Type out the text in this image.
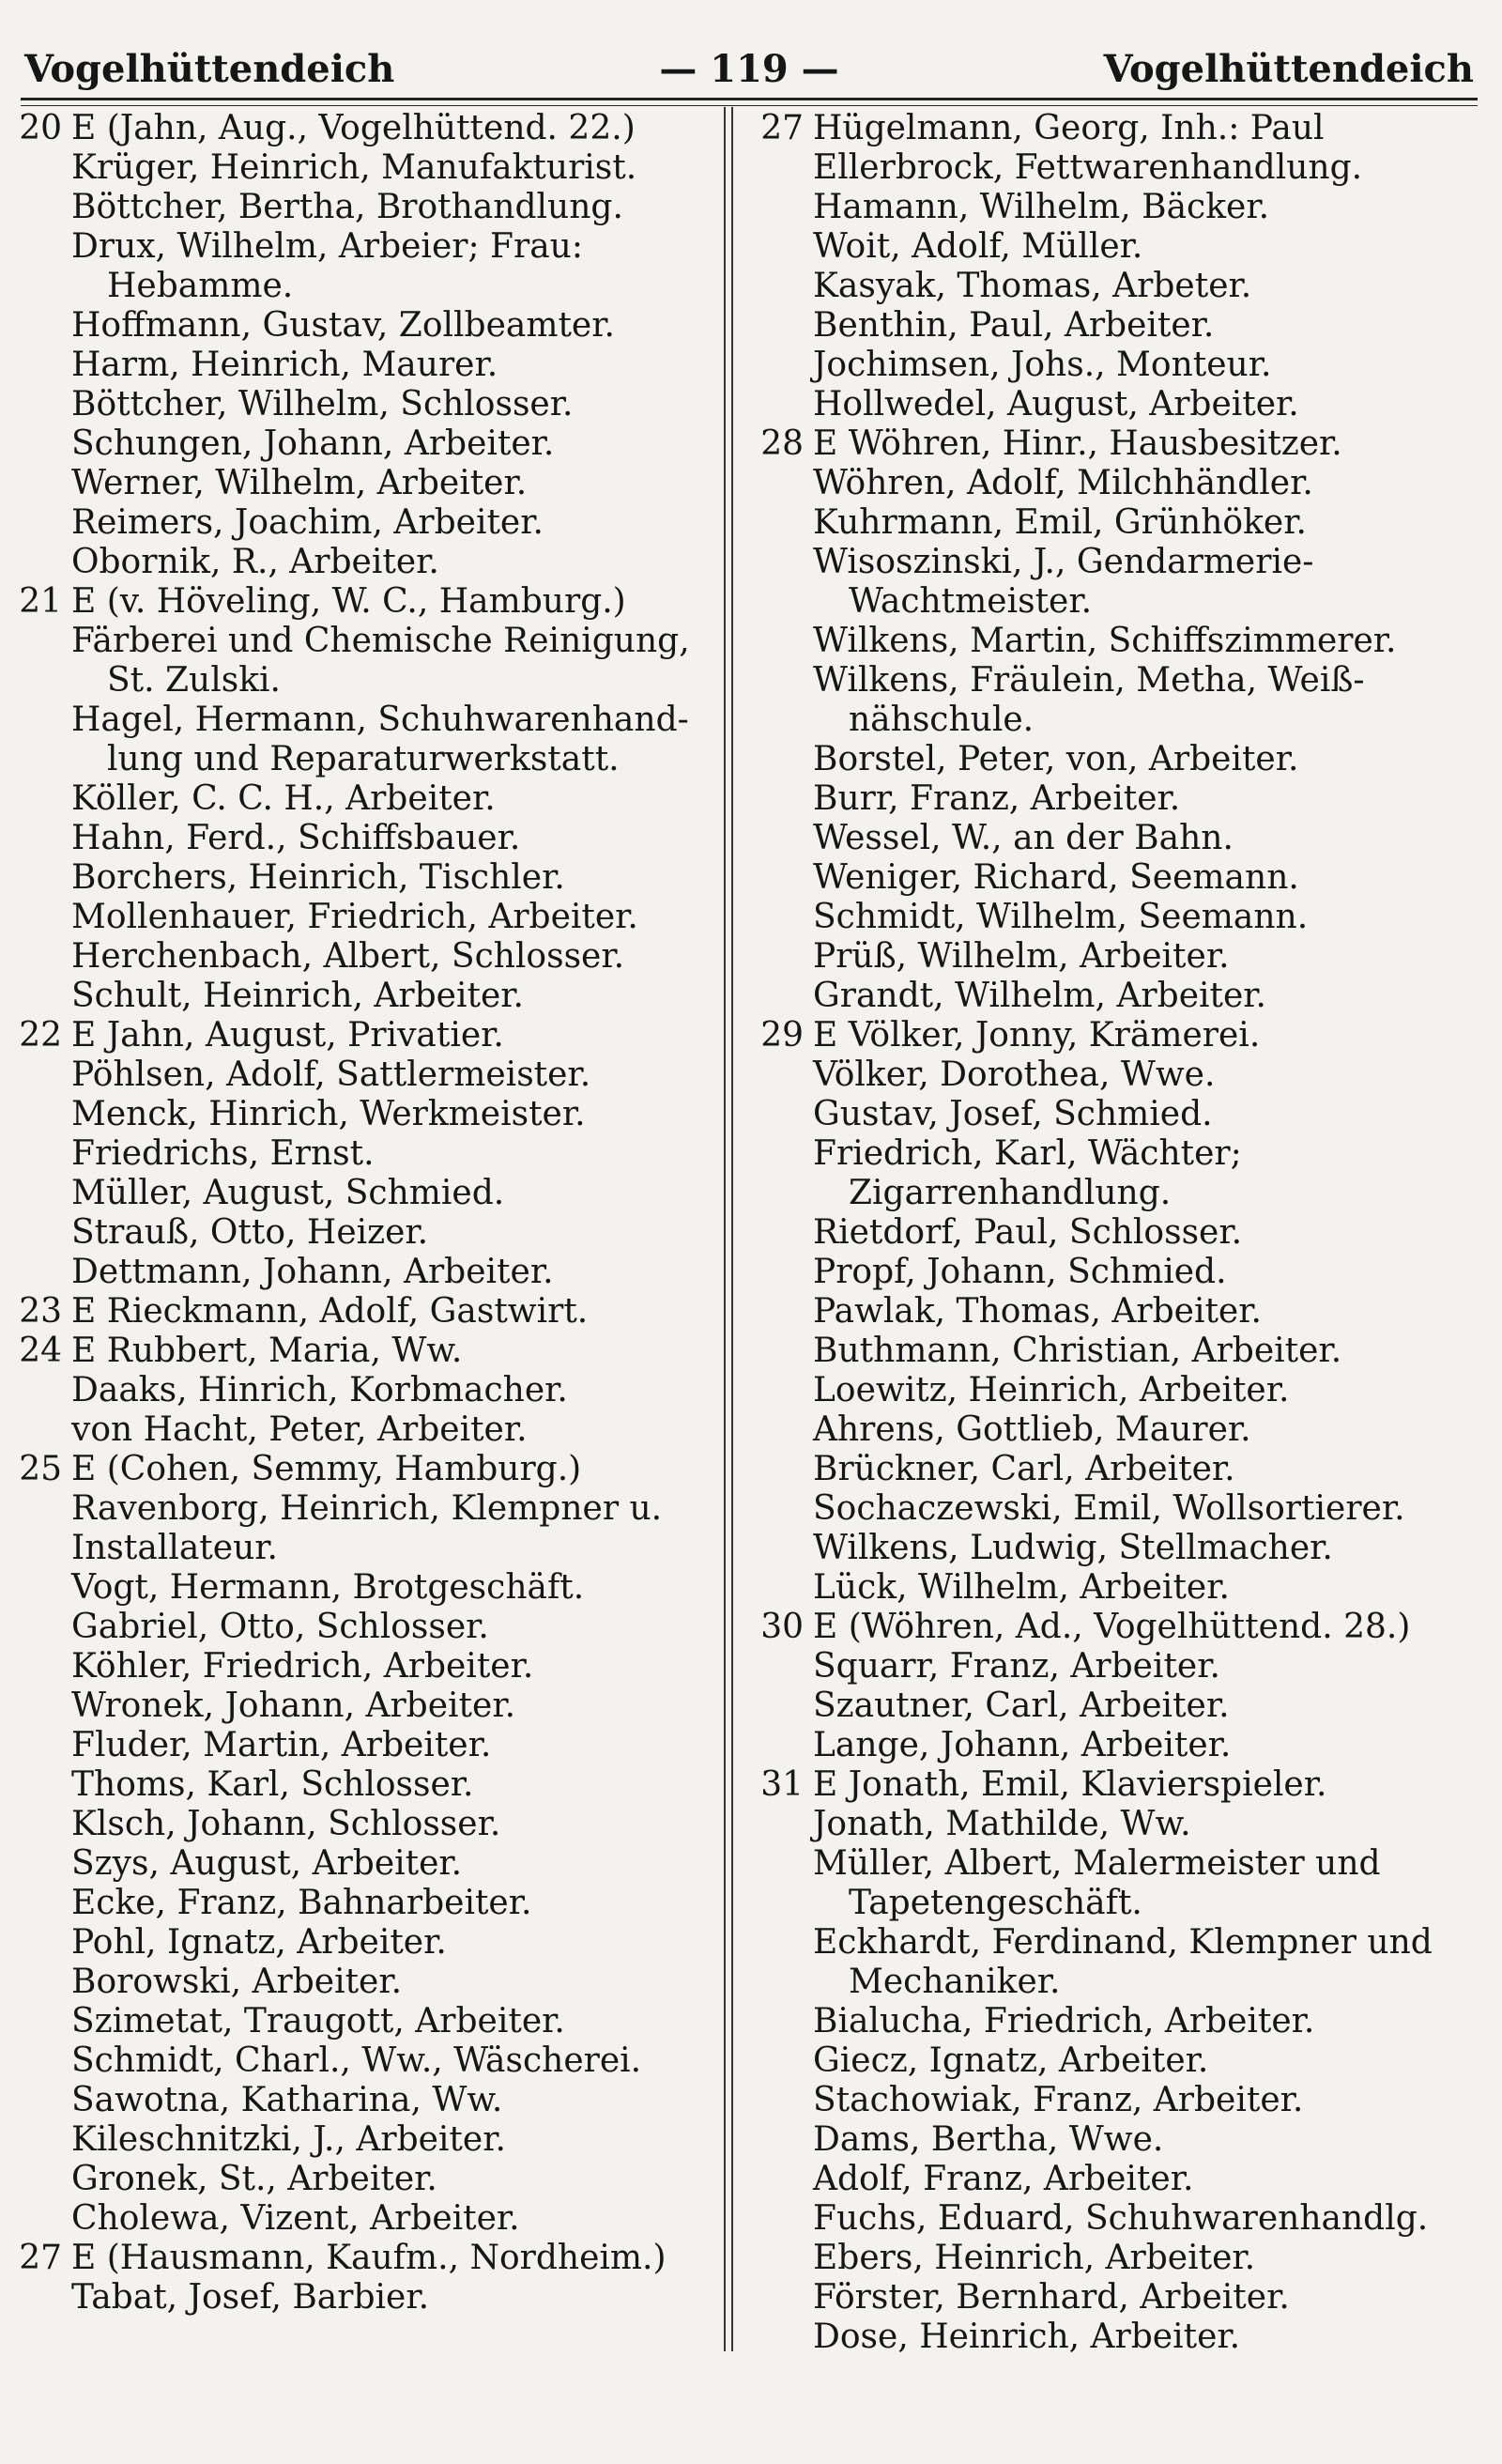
Vogelhüttendeich	— 119 —	Vogelhüttendeich
20 E (Jahn, Aug., Vogelhüttend. 22.)
Krüger, Heinrich, Manufakturist.
Böttcher, Bertha, Brothandlung.
Drux, Wilhelm, Arbeier; Frau:
Hebamme.
Hoffmann, Gustav, Zollbeamter.
Harm, Heinrich, Maurer.
Böttcher, Wilhelm, Schlosser.
Schungen, Johann, Arbeiter.
Werner, Wilhelm, Arbeiter.
Reimers, Joachim, Arbeiter.
Obornik, R., Arbeiter.
21 E (v. Höveling, W. C., Hamburg.)
Färberei und Chemische Reinigung,
St. Zulski.
Hagel, Hermann, Schuhwarenhand-
lung und Reparaturwerkstatt.
Köller, C. C. H., Arbeiter.
Hahn, Ferd., Schiffsbauer.
Borchers, Heinrich, Tischler.
Mollenhauer, Friedrich, Arbeiter.
Herchenbach, Albert, Schlosser.
Schult, Heinrich, Arbeiter.
22 E Jahn, August, Privatier.
Pöhlsen, Adolf, Sattlermeister.
Menck, Hinrich, Werkmeister.
Friedrichs, Ernst.
Müller, August, Schmied.
Strauß, Otto, Heizer.
Dettmann, Johann, Arbeiter.
23 E Rieckmann, Adolf, Gastwirt.
24 E Rubbert, Maria, Ww.
Daaks, Hinrich, Korbmacher.
von Hacht, Peter, Arbeiter.
25 E (Cohen, Semmy, Hamburg.)
Ravenborg, Heinrich, Klempner u.
Installateur.
Vogt, Hermann, Brotgeschäft.
Gabriel, Otto, Schlosser.
Köhler, Friedrich, Arbeiter.
Wronek, Johann, Arbeiter.
Fluder, Martin, Arbeiter.
Thoms, Karl, Schlosser.
Klsch, Johann, Schlosser.
Szys, August, Arbeiter.
Ecke, Franz, Bahnarbeiter.
Pohl, Ignatz, Arbeiter.
Borowski, Arbeiter.
Szimetat, Traugott, Arbeiter.
Schmidt, Charl., Ww., Wäscherei.
Sawotna, Katharina, Ww.
Kileschnitzki, J., Arbeiter.
Gronek, St., Arbeiter.
Cholewa, Vizent, Arbeiter.
27 E (Hausmann, Kaufm., Nordheim.)
Tabat, Josef, Barbier.
27 Hügelmann, Georg, Inh.: Paul
Ellerbrock, Fettwarenhandlung.
Hamann, Wilhelm, Bäcker.
Woit, Adolf, Müller.
Kasyak, Thomas, Arbeter.
Benthin, Paul, Arbeiter.
Jochimsen, Johs., Monteur.
Hollwedel, August, Arbeiter.
28 E Wöhren, Hinr., Hausbesitzer.
Wöhren, Adolf, Milchhändler.
Kuhrmann, Emil, Grünhöker.
Wisoszinski, J., Gendarmerie-
Wachtmeister.
Wilkens, Martin, Schiffszimmerer.
Wilkens, Fräulein, Metha, Weiß-
nähschule.
Borstel, Peter, von, Arbeiter.
Burr, Franz, Arbeiter.
Wessel, W., an der Bahn.
Weniger, Richard, Seemann.
Schmidt, Wilhelm, Seemann.
Prüß, Wilhelm, Arbeiter.
Grandt, Wilhelm, Arbeiter.
29 E Völker, Jonny, Krämerei.
Völker, Dorothea, Wwe.
Gustav, Josef, Schmied.
Friedrich, Karl, Wächter;
Zigarrenhandlung.
Rietdorf, Paul, Schlosser.
Propf, Johann, Schmied.
Pawlak, Thomas, Arbeiter.
Buthmann, Christian, Arbeiter.
Loewitz, Heinrich, Arbeiter.
Ahrens, Gottlieb, Maurer.
Brückner, Carl, Arbeiter.
Sochaczewski, Emil, Wollsortierer.
Wilkens, Ludwig, Stellmacher.
Lück, Wilhelm, Arbeiter.
30 E (Wöhren, Ad., Vogelhüttend. 28.)
Squarr, Franz, Arbeiter.
Szautner, Carl, Arbeiter.
Lange, Johann, Arbeiter.
31 E Jonath, Emil, Klavierspieler.
Jonath, Mathilde, Ww.
Müller, Albert, Malermeister und
Tapetengeschäft.
Eckhardt, Ferdinand, Klempner und
Mechaniker.
Bialucha, Friedrich, Arbeiter.
Giecz, Ignatz, Arbeiter.
Stachowiak, Franz, Arbeiter.
Dams, Bertha, Wwe.
Adolf, Franz, Arbeiter.
Fuchs, Eduard, Schuhwarenhandlg.
Ebers, Heinrich, Arbeiter.
Förster, Bernhard, Arbeiter.
Dose, Heinrich, Arbeiter.
